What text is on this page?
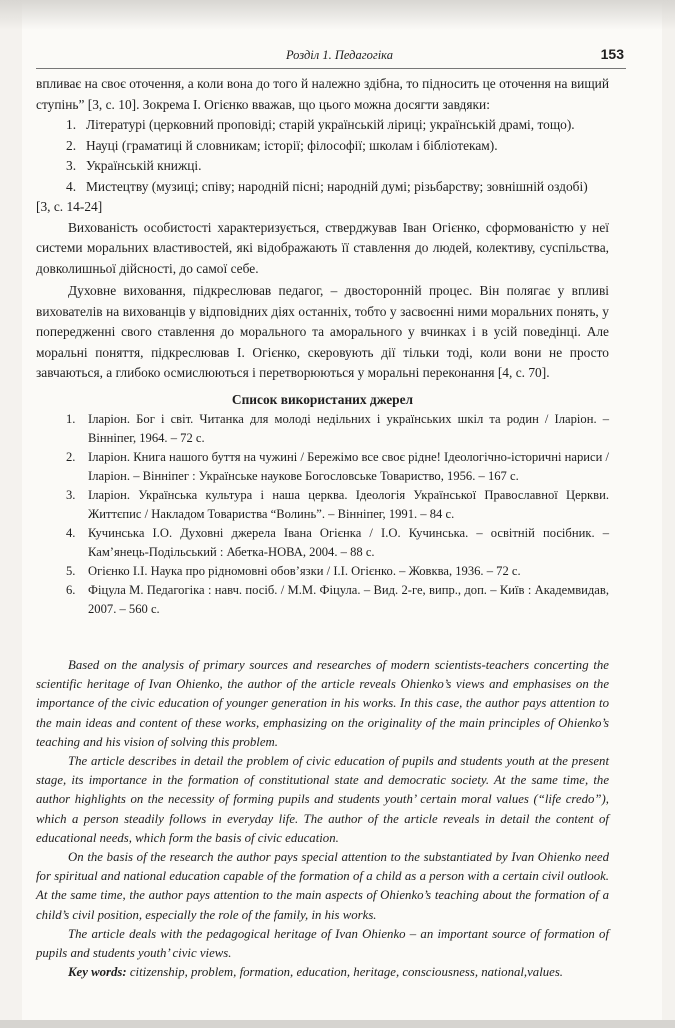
Розділ 1. Педагогіка	153

впливає на своє оточення, а коли вона до того й належно здібна, то підносить це оточення на вищий ступінь” [3, с. 10]. Зокрема І. Огієнко вважав, що цього можна досягти завдяки:

1. Літературі (церковний проповіді; старій українській ліриці; українській драмі, тощо).
2. Науці (граматиці й словникам; історії; філософії; школам і бібліотекам).
3. Українській книжці.
4. Мистецтву (музиці; співу; народній пісні; народній думі; різьбарству; зовнішній оздобі)

[3, с. 14-24]

Вихованість особистості характеризується, стверджував Іван Огієнко, сформованістю у неї системи моральних властивостей, які відображають її ставлення до людей, колективу, суспільства, довколишньої дійсності, до самої себе.

Духовне виховання, підкреслював педагог, – двосторонній процес. Він полягає у впливі вихователів на вихованців у відповідних діях останніх, тобто у засвоєнні ними моральних понять, у попередженні свого ставлення до морального та аморального у вчинках і в усій поведінці. Але моральні поняття, підкреслював І. Огієнко, скеровують дії тільки тоді, коли вони не просто завчаються, а глибоко осмислюються і перетворюються у моральні переконання [4, с. 70].

Список використаних джерел
1. Іларіон. Бог і світ. Читанка для молоді недільних і українських шкіл та родин / Іларіон. – Вінніпег, 1964. – 72 с.
2. Іларіон. Книга нашого буття на чужині / Бережімо все своє рідне! Ідеологічно-історичні нариси / Іларіон. – Вінніпег : Українське наукове Богословське Товариство, 1956. – 167 с.
3. Іларіон. Українська культура і наша церква. Ідеологія Української Православної Церкви. Життєпис / Накладом Товариства “Волинь”. – Вінніпег, 1991. – 84 с.
4. Кучинська І.О. Духовні джерела Івана Огієнка / І.О. Кучинська. – освітній посібник. – Кам’янець-Подільський : Абетка-НОВА, 2004. – 88 с.
5. Огієнко І.І. Наука про рідномовні обов’язки / І.І. Огієнко. – Жовква, 1936. – 72 с.
6. Фіцула М. Педагогіка : навч. посіб. / М.М. Фіцула. – Вид. 2-ге, випр., доп. – Київ : Академвидав, 2007. – 560 с.

Based on the analysis of primary sources and researches of modern scientists-teachers concerting the scientific heritage of Ivan Ohienko, the author of the article reveals Ohienko’s views and emphasises on the importance of the civic education of younger generation in his works. In this case, the author pays attention to the main ideas and content of these works, emphasizing on the originality of the main principles of Ohienko’s teaching and his vision of solving this problem.

The article describes in detail the problem of civic education of pupils and students youth at the present stage, its importance in the formation of constitutional state and democratic society. At the same time, the author highlights on the necessity of forming pupils and students youth’ certain moral values (“life credo”), which a person steadily follows in everyday life. The author of the article reveals in detail the content of educational needs, which form the basis of civic education.

On the basis of the research the author pays special attention to the substantiated by Ivan Ohienko need for spiritual and national education capable of the formation of a child as a person with a certain civil outlook. At the same time, the author pays attention to the main aspects of Ohienko’s teaching about the formation of a child’s civil position, especially the role of the family, in his works.

The article deals with the pedagogical heritage of Ivan Ohienko – an important source of formation of pupils and students youth’ civic views.

Key words: citizenship, problem, formation, education, heritage, consciousness, national,values.
